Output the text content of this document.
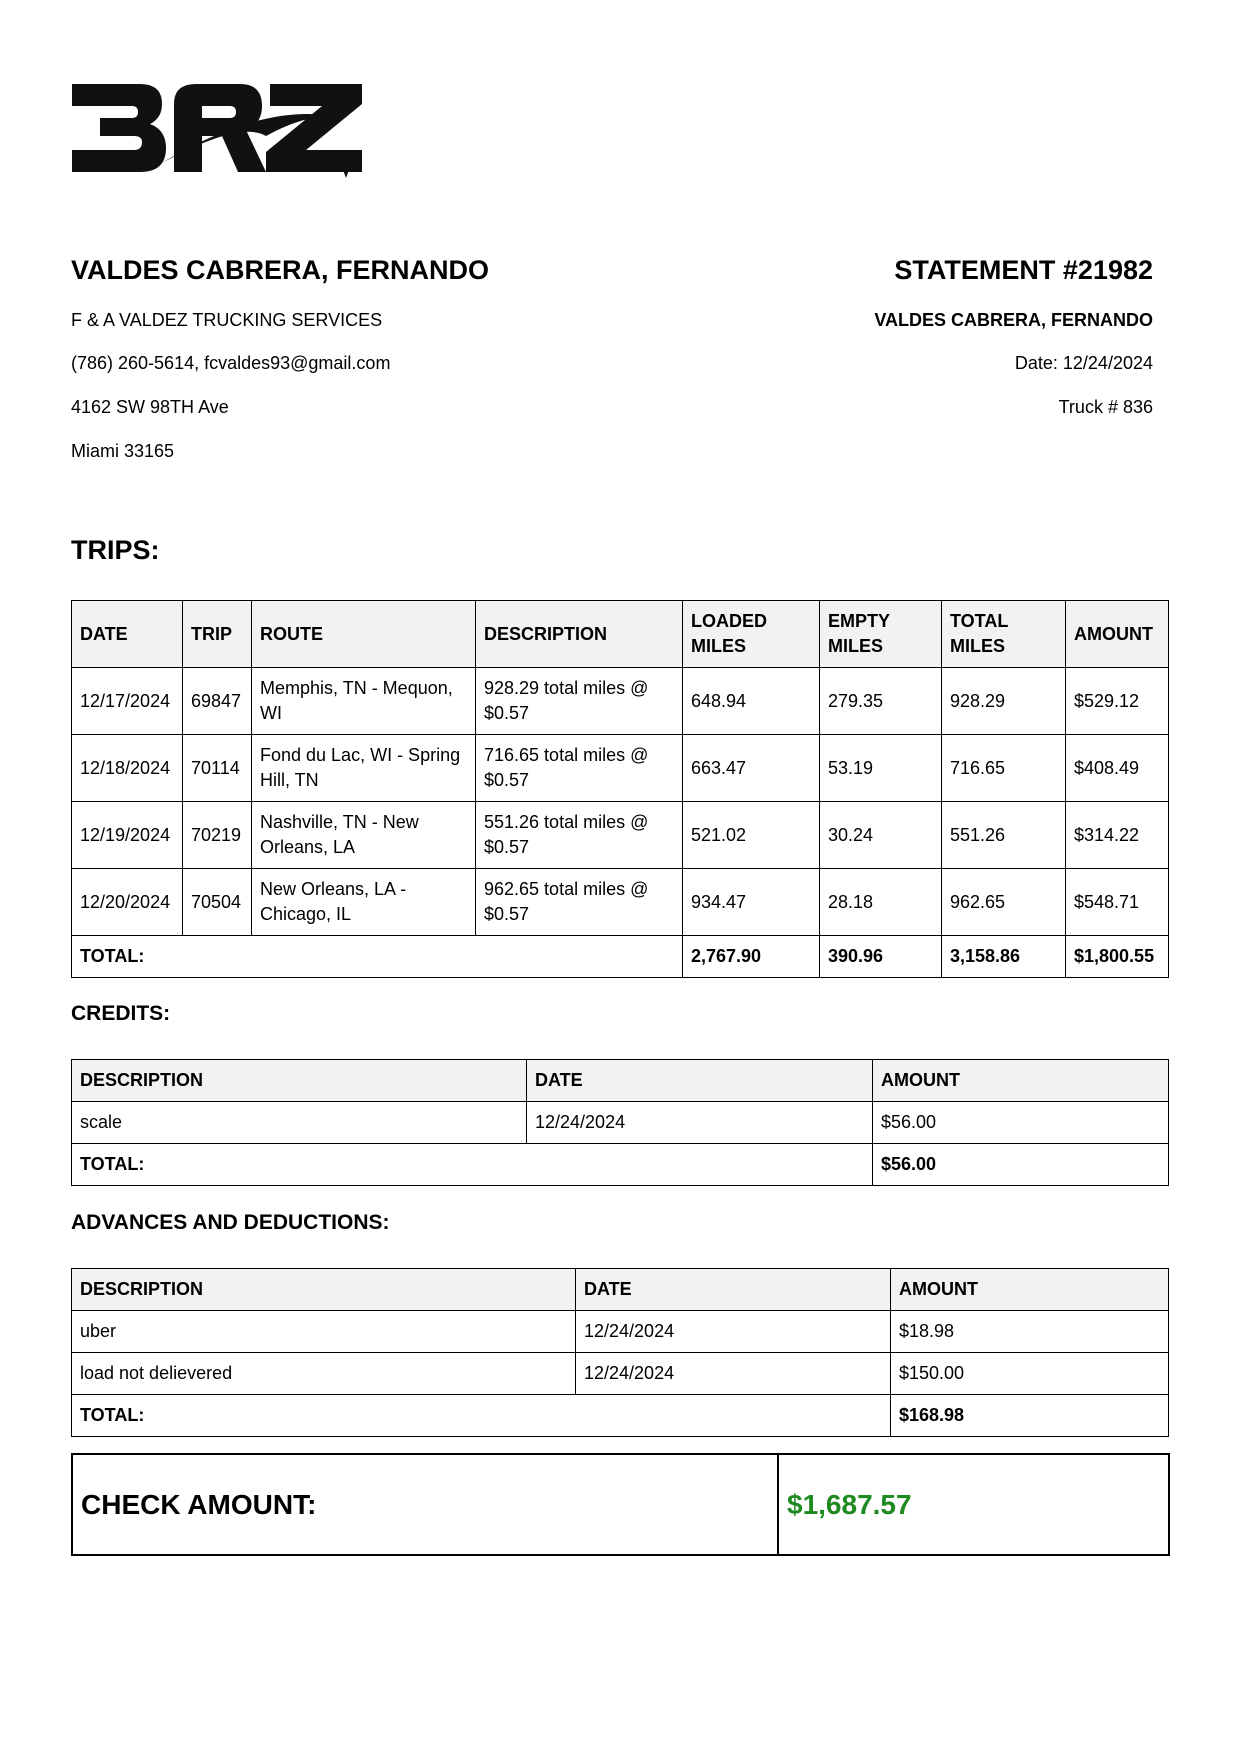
VALDES CABRERA, FERNANDO
F & A VALDEZ TRUCKING SERVICES
(786) 260-5614, fcvaldes93@gmail.com
4162 SW 98TH Ave
Miami 33165
STATEMENT #21982
VALDES CABRERA, FERNANDO
Date: 12/24/2024
Truck # 836
TRIPS:
DATE	TRIP	ROUTE	DESCRIPTION	LOADED MILES	EMPTY MILES	TOTAL MILES	AMOUNT
12/17/2024	69847	Memphis, TN - Mequon, WI	928.29 total miles @ $0.57	648.94	279.35	928.29	$529.12
12/18/2024	70114	Fond du Lac, WI - Spring Hill, TN	716.65 total miles @ $0.57	663.47	53.19	716.65	$408.49
12/19/2024	70219	Nashville, TN - New Orleans, LA	551.26 total miles @ $0.57	521.02	30.24	551.26	$314.22
12/20/2024	70504	New Orleans, LA - Chicago, IL	962.65 total miles @ $0.57	934.47	28.18	962.65	$548.71
TOTAL:				2,767.90	390.96	3,158.86	$1,800.55
CREDITS:
DESCRIPTION	DATE	AMOUNT
scale	12/24/2024	$56.00
TOTAL:		$56.00
ADVANCES AND DEDUCTIONS:
DESCRIPTION	DATE	AMOUNT
uber	12/24/2024	$18.98
load not delievered	12/24/2024	$150.00
TOTAL:		$168.98
CHECK AMOUNT:	$1,687.57
